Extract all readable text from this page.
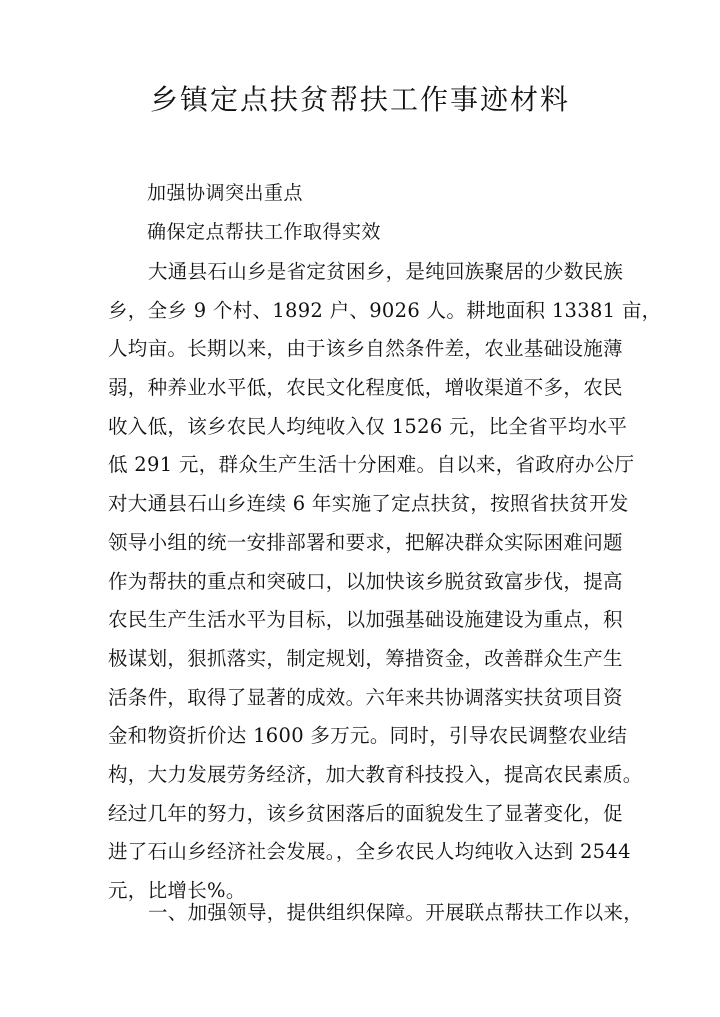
乡镇定点扶贫帮扶工作事迹材料
加强协调突出重点
确保定点帮扶工作取得实效
大通县石山乡是省定贫困乡，是纯回族聚居的少数民族
乡，全乡 9 个村、1892 户、9026 人。耕地面积 13381 亩，
人均亩。长期以来，由于该乡自然条件差，农业基础设施薄
弱，种养业水平低，农民文化程度低，增收渠道不多，农民
收入低，该乡农民人均纯收入仅 1526 元，比全省平均水平
低 291 元，群众生产生活十分困难。自以来，省政府办公厅
对大通县石山乡连续 6 年实施了定点扶贫，按照省扶贫开发
领导小组的统一安排部署和要求，把解决群众实际困难问题
作为帮扶的重点和突破口，以加快该乡脱贫致富步伐，提高
农民生产生活水平为目标，以加强基础设施建设为重点，积
极谋划，狠抓落实，制定规划，筹措资金，改善群众生产生
活条件，取得了显著的成效。六年来共协调落实扶贫项目资
金和物资折价达 1600 多万元。同时，引导农民调整农业结
构，大力发展劳务经济，加大教育科技投入，提高农民素质。
经过几年的努力，该乡贫困落后的面貌发生了显著变化，促
进了石山乡经济社会发展。，全乡农民人均纯收入达到 2544
元，比增长%。
一、加强领导，提供组织保障。开展联点帮扶工作以来，
